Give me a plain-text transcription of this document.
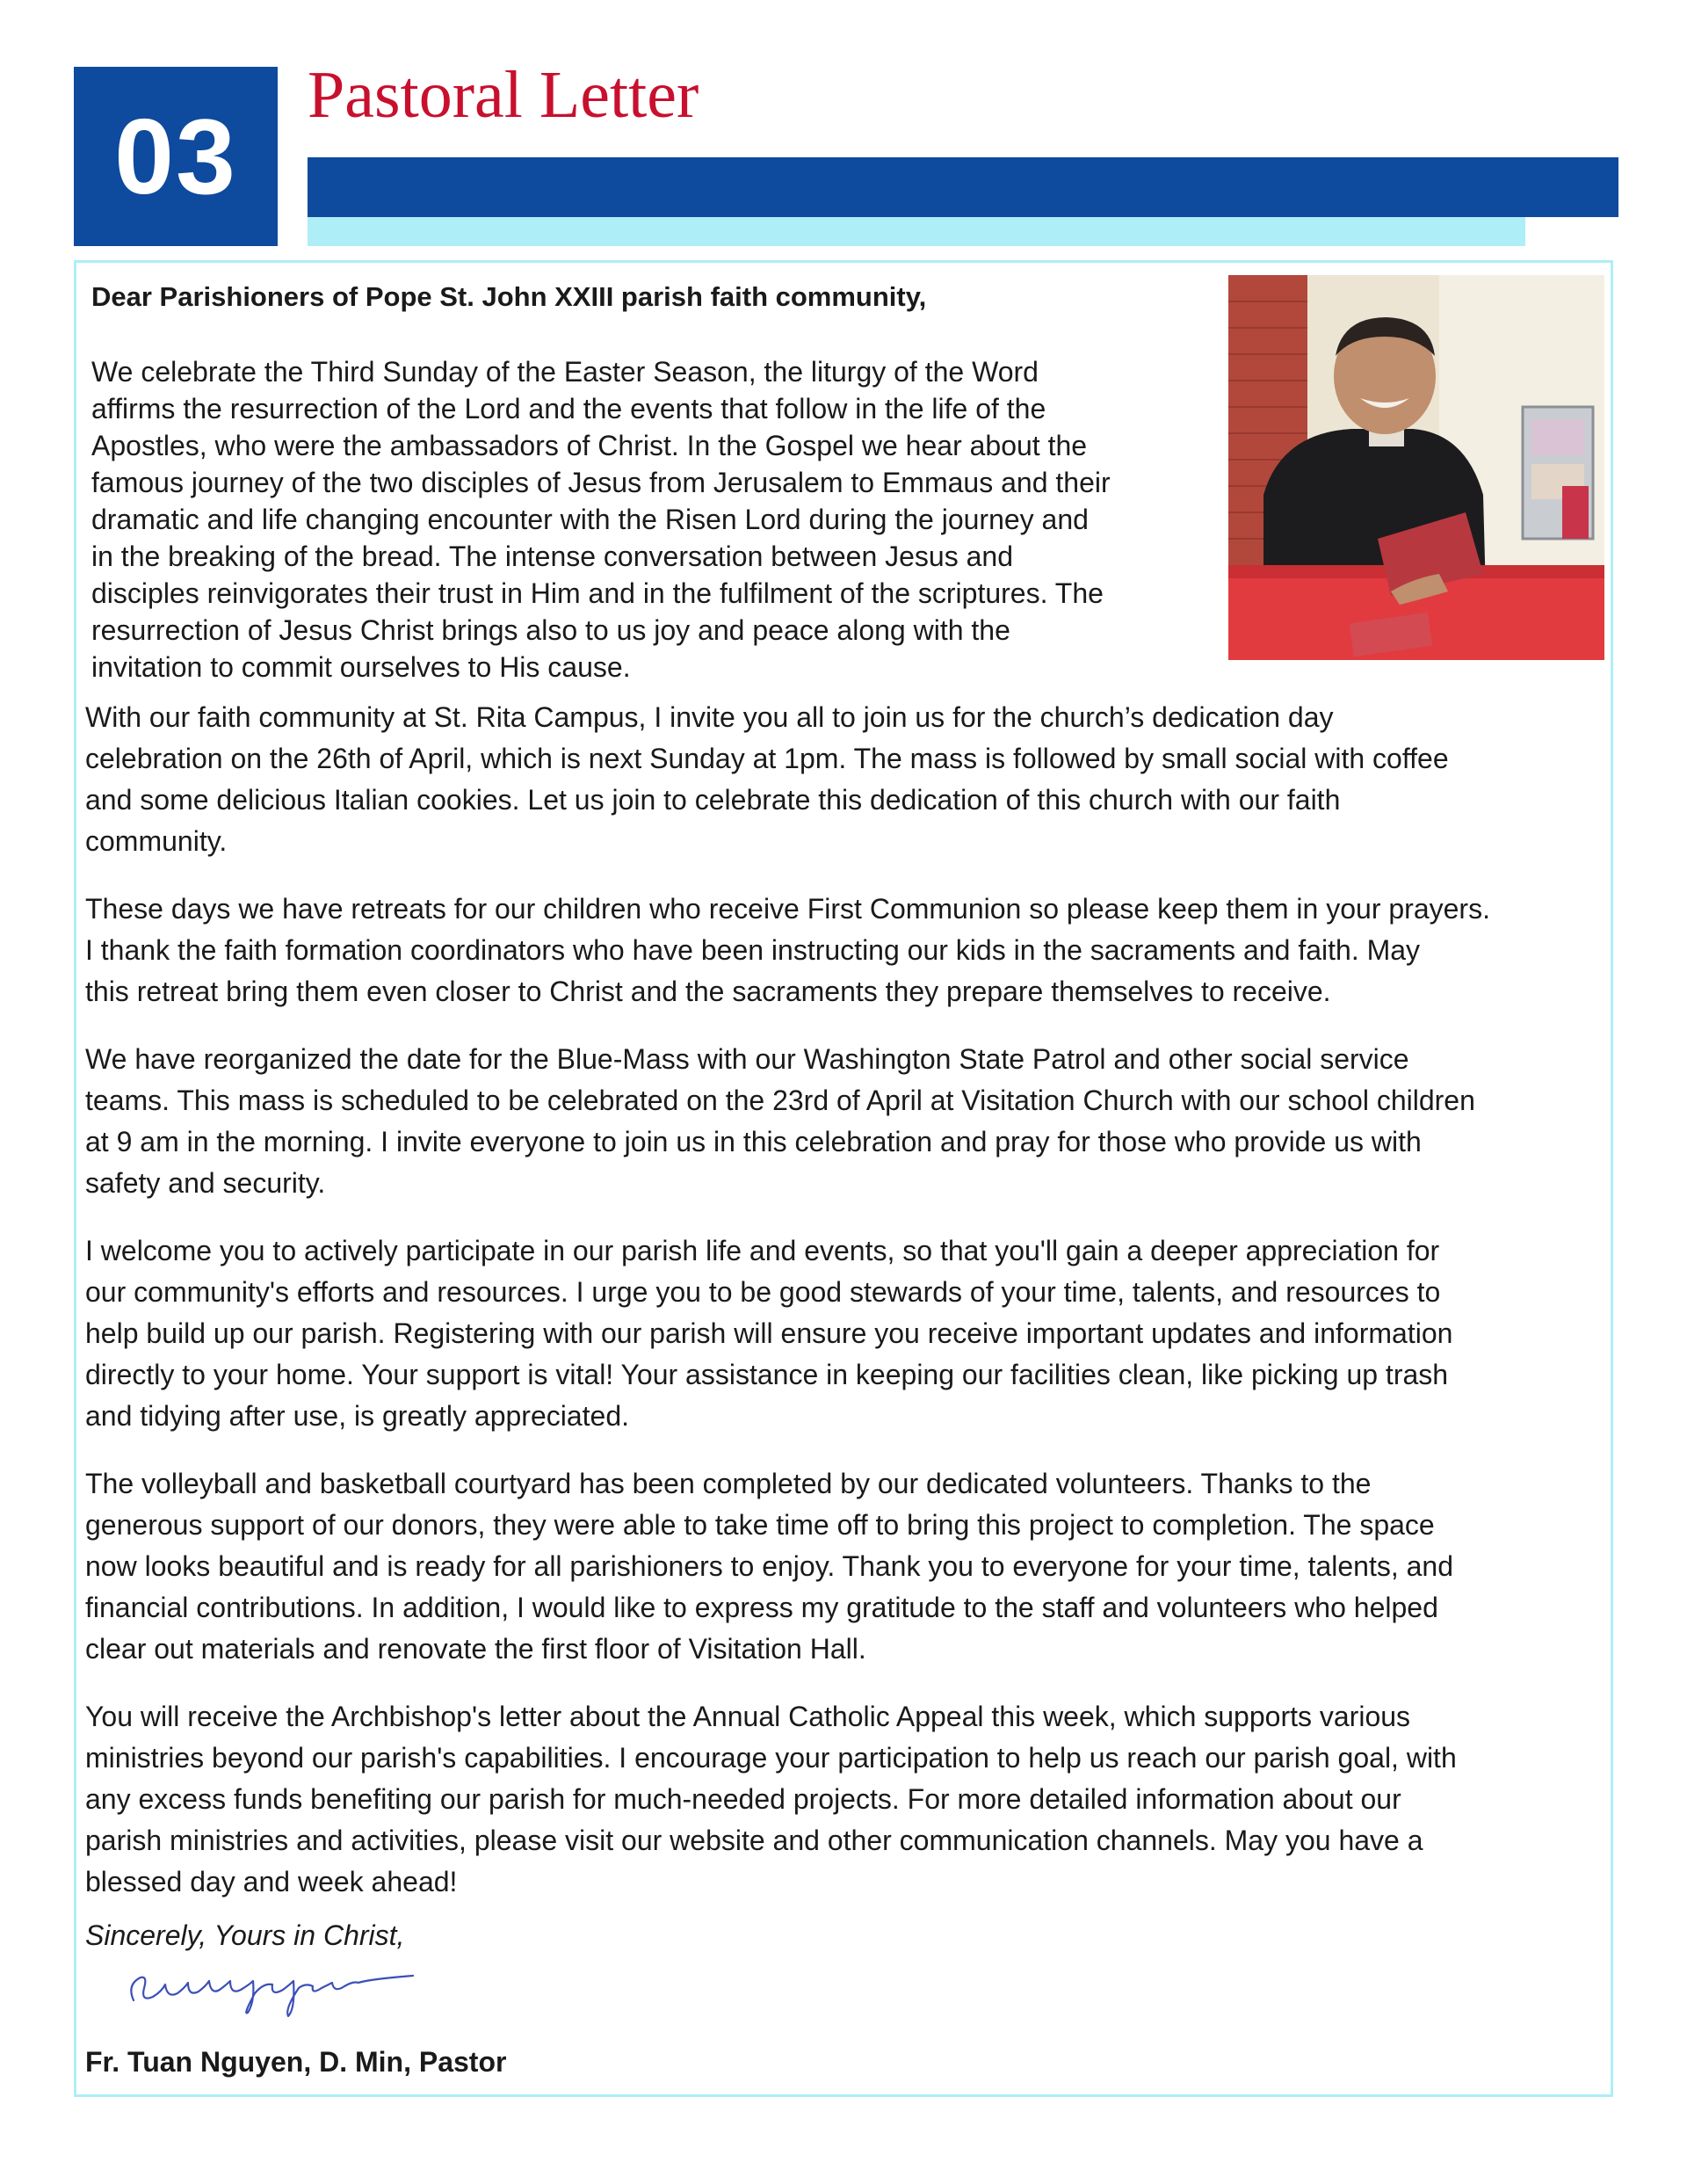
03
Pastoral Letter

Dear Parishioners of Pope St. John XXIII parish faith community,

We celebrate the Third Sunday of the Easter Season, the liturgy of the Word
affirms the resurrection of the Lord and the events that follow in the life of the
Apostles, who were the ambassadors of Christ. In the Gospel we hear about the
famous journey of the two disciples of Jesus from Jerusalem to Emmaus and their
dramatic and life changing encounter with the Risen Lord during the journey and
in the breaking of the bread. The intense conversation between Jesus and
disciples reinvigorates their trust in Him and in the fulfilment of the scriptures. The
resurrection of Jesus Christ brings also to us joy and peace along with the
invitation to commit ourselves to His cause.

With our faith community at St. Rita Campus, I invite you all to join us for the church’s dedication day
celebration on the 26th of April, which is next Sunday at 1pm. The mass is followed by small social with coffee
and some delicious Italian cookies. Let us join to celebrate this dedication of this church with our faith
community.

These days we have retreats for our children who receive First Communion so please keep them in your prayers.
I thank the faith formation coordinators who have been instructing our kids in the sacraments and faith. May
this retreat bring them even closer to Christ and the sacraments they prepare themselves to receive.

We have reorganized the date for the Blue-Mass with our Washington State Patrol and other social service
teams. This mass is scheduled to be celebrated on the 23rd of April at Visitation Church with our school children
at 9 am in the morning. I invite everyone to join us in this celebration and pray for those who provide us with
safety and security.

I welcome you to actively participate in our parish life and events, so that you'll gain a deeper appreciation for
our community's efforts and resources. I urge you to be good stewards of your time, talents, and resources to
help build up our parish. Registering with our parish will ensure you receive important updates and information
directly to your home. Your support is vital! Your assistance in keeping our facilities clean, like picking up trash
and tidying after use, is greatly appreciated.

The volleyball and basketball courtyard has been completed by our dedicated volunteers. Thanks to the
generous support of our donors, they were able to take time off to bring this project to completion. The space
now looks beautiful and is ready for all parishioners to enjoy. Thank you to everyone for your time, talents, and
financial contributions. In addition, I would like to express my gratitude to the staff and volunteers who helped
clear out materials and renovate the first floor of Visitation Hall.

You will receive the Archbishop's letter about the Annual Catholic Appeal this week, which supports various
ministries beyond our parish's capabilities. I encourage your participation to help us reach our parish goal, with
any excess funds benefiting our parish for much-needed projects. For more detailed information about our
parish ministries and activities, please visit our website and other communication channels. May you have a
blessed day and week ahead!

Sincerely, Yours in Christ,

Fr. Tuan Nguyen, D. Min, Pastor
